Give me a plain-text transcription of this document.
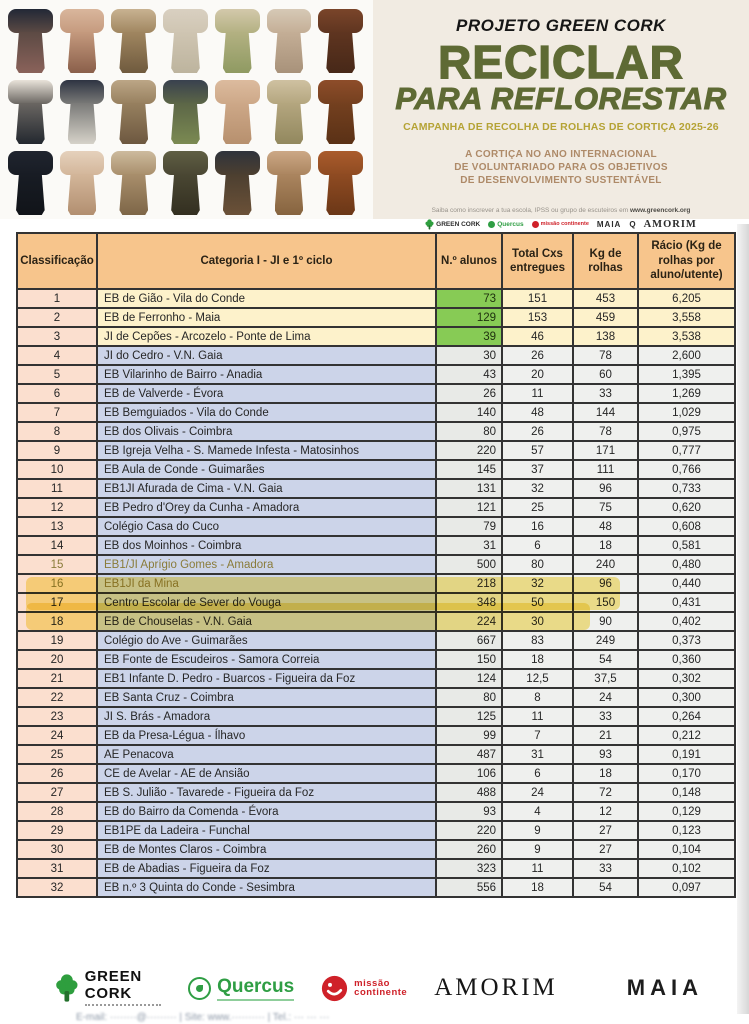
PROJETO GREEN CORK
RECICLAR
PARA REFLORESTAR
CAMPANHA DE RECOLHA DE ROLHAS DE CORTIÇA 2025-26
A CORTIÇA NO ANO INTERNACIONAL
DE VOLUNTARIADO PARA OS OBJETIVOS
DE DESENVOLVIMENTO SUSTENTÁVEL
Saiba como inscrever a tua escola, IPSS ou grupo de escuteiros em www.greencork.org
GREEN CORK	Quercus	missão continente MAIA Q AMORIM
Classificação	Categoria I - JI e 1º ciclo	N.º alunos	Total Cxs entregues	Kg de rolhas	Rácio (Kg de rolhas por aluno/utente)
1	EB de Gião - Vila do Conde	73	151	453	6,205
2	EB de Ferronho - Maia	129	153	459	3,558
3	JI de Cepões - Arcozelo - Ponte de Lima	39	46	138	3,538
4	JI do Cedro - V.N. Gaia	30	26	78	2,600
5	EB Vilarinho de Bairro - Anadia	43	20	60	1,395
6	EB de Valverde - Évora	26	11	33	1,269
7	EB Bemguiados - Vila do Conde	140	48	144	1,029
8	EB dos Olivais - Coimbra	80	26	78	0,975
9	EB Igreja Velha - S. Mamede Infesta - Matosinhos	220	57	171	0,777
10	EB Aula de Conde - Guimarães	145	37	111	0,766
11	EB1JI Afurada de Cima - V.N. Gaia	131	32	96	0,733
12	EB Pedro d'Orey da Cunha - Amadora	121	25	75	0,620
13	Colégio Casa do Cuco	79	16	48	0,608
14	EB dos Moinhos - Coimbra	31	6	18	0,581
15	EB1/JI Aprígio Gomes - Amadora	500	80	240	0,480
16	EB1JI da Mina	218	32	96	0,440
17	Centro Escolar de Sever do Vouga	348	50	150	0,431
18	EB de Chouselas - V.N. Gaia	224	30	90	0,402
19	Colégio do Ave - Guimarães	667	83	249	0,373
20	EB Fonte de Escudeiros - Samora Correia	150	18	54	0,360
21	EB1 Infante D. Pedro - Buarcos - Figueira da Foz	124	12,5	37,5	0,302
22	EB Santa Cruz - Coimbra	80	8	24	0,300
23	JI S. Brás - Amadora	125	11	33	0,264
24	EB da Presa-Légua - Ílhavo	99	7	21	0,212
25	AE Penacova	487	31	93	0,191
26	CE de Avelar - AE de Ansião	106	6	18	0,170
27	EB S. Julião - Tavarede - Figueira da Foz	488	24	72	0,148
28	EB do Bairro da Comenda - Évora	93	4	12	0,129
29	EB1PE da Ladeira - Funchal	220	9	27	0,123
30	EB de Montes Claros - Coimbra	260	9	27	0,104
31	EB de Abadias - Figueira da Foz	323	11	33	0,102
32	EB n.º 3 Quinta do Conde - Sesimbra	556	18	54	0,097
GREEN CORK	Quercus	missão
continente AMORIM	MAIA
E-mail: ········@········· | Site: www.·········· | Tel.: ··· ··· ···
